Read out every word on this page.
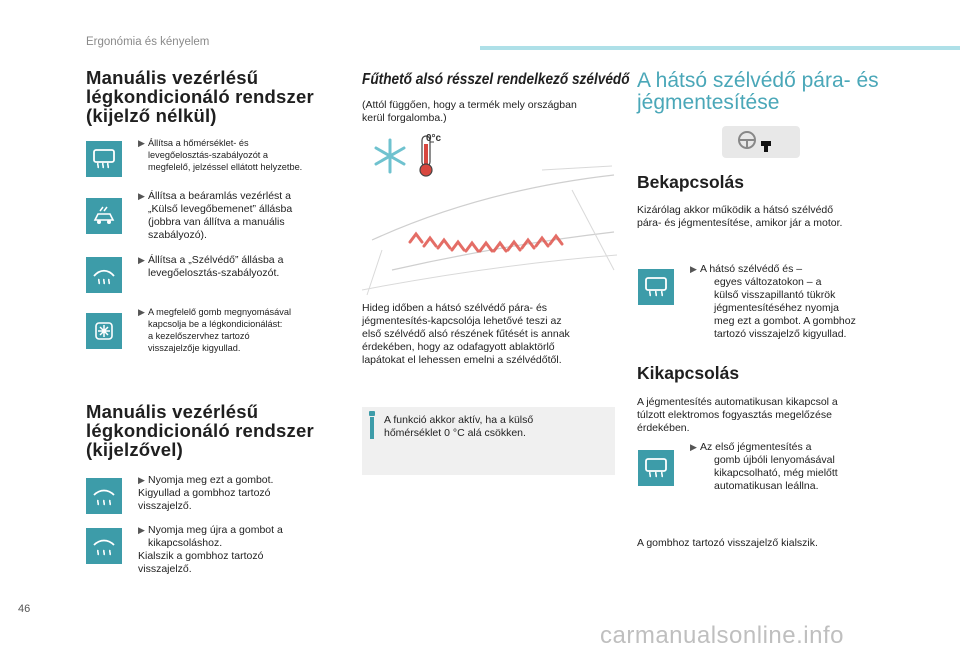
Ergonómia és kényelem
Manuális vezérlésű
légkondicionáló rendszer
(kijelző nélkül)
▶ Állítsa a hőmérséklet- és
levegőelosztás-szabályozót a
megfelelő, jelzéssel ellátott helyzetbe.
▶ Állítsa a beáramlás vezérlést a
„Külső levegőbemenet” állásba
(jobbra van állítva a manuális
szabályozó).
▶ Állítsa a „Szélvédő” állásba a
levegőelosztás-szabályozót.
▶ A megfelelő gomb megnyomásával
kapcsolja be a légkondicionálást:
a kezelőszervhez tartozó
visszajelzője kigyullad.
Manuális vezérlésű
légkondicionáló rendszer
(kijelzővel)
▶ Nyomja meg ezt a gombot.
Kigyullad a gombhoz tartozó
visszajelző.
▶ Nyomja meg újra a gombot a
kikapcsoláshoz.
Kialszik a gombhoz tartozó
visszajelző.
Fűthető alsó résszel rendelkező szélvédő
(Attól függően, hogy a termék mely országban
kerül forgalomba.)
0°c
Hideg időben a hátsó szélvédő pára- és
jégmentesítés-kapcsolója lehetővé teszi az
első szélvédő alsó részének fűtését is annak
érdekében, hogy az odafagyott ablaktörlő
lapátokat el lehessen emelni a szélvédőtől.
A funkció akkor aktív, ha a külső
hőmérséklet 0 °C alá csökken.
A hátsó szélvédő pára- és
jégmentesítése
Bekapcsolás
Kizárólag akkor működik a hátsó szélvédő
pára- és jégmentesítése, amikor jár a motor.
▶ A hátsó szélvédő és –
egyes változatokon – a
külső visszapillantó tükrök
jégmentesítéséhez nyomja
meg ezt a gombot. A gombhoz
tartozó visszajelző kigyullad.
Kikapcsolás
A jégmentesítés automatikusan kikapcsol a
túlzott elektromos fogyasztás megelőzése
érdekében.
▶ Az első jégmentesítés a
gomb újbóli lenyomásával
kikapcsolható, még mielőtt
automatikusan leállna.
A gombhoz tartozó visszajelző kialszik.
46
carmanualsonline.info
